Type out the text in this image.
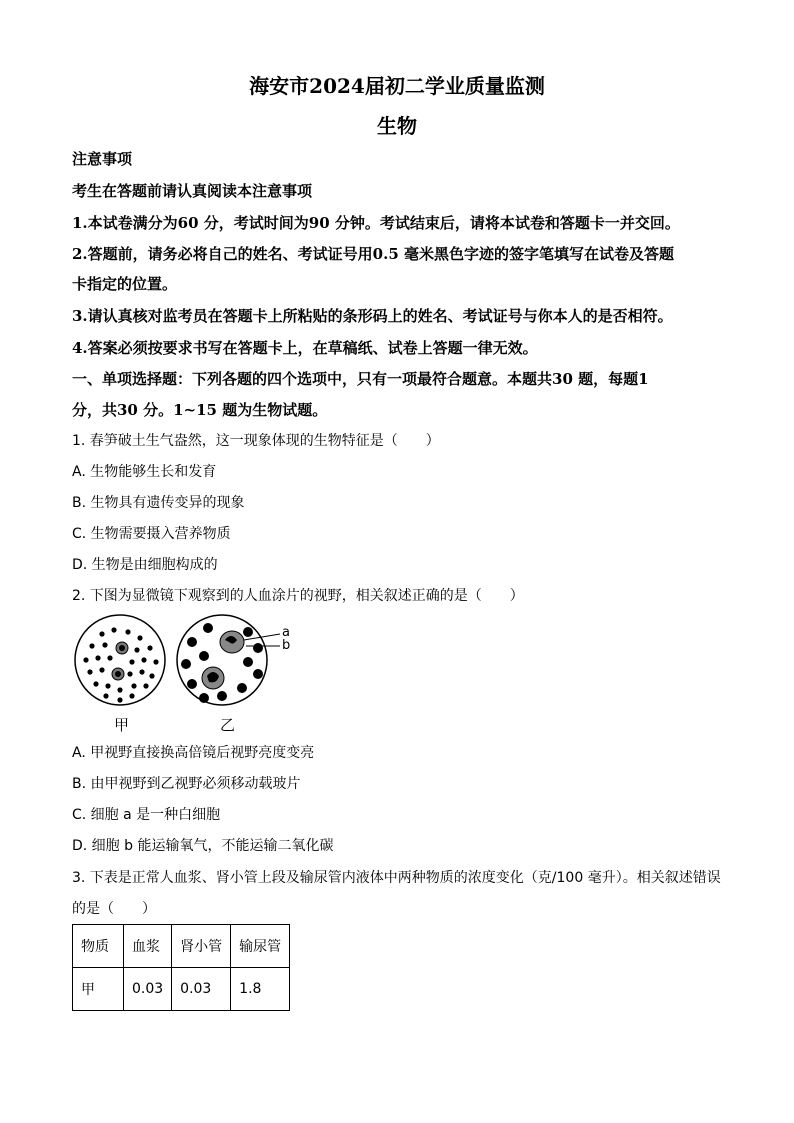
海安市2024届初二学业质量监测
生物
注意事项
考生在答题前请认真阅读本注意事项
1.本试卷满分为60 分，考试时间为90 分钟。考试结束后，请将本试卷和答题卡一并交回。
2.答题前，请务必将自己的姓名、考试证号用0.5 毫米黑色字迹的签字笔填写在试卷及答题
卡指定的位置。
3.请认真核对监考员在答题卡上所粘贴的条形码上的姓名、考试证号与你本人的是否相符。
4.答案必须按要求书写在答题卡上，在草稿纸、试卷上答题一律无效。
一、单项选择题：下列各题的四个选项中，只有一项最符合题意。本题共30 题，每题1
分，共30 分。1~15 题为生物试题。
1. 春笋破土生气盎然，这一现象体现的生物特征是（　　）
A. 生物能够生长和发育
B. 生物具有遗传变异的现象
C. 生物需要摄入营养物质
D. 生物是由细胞构成的
2. 下图为显微镜下观察到的人血涂片的视野，相关叙述正确的是（　　）
a
b
甲	乙
A. 甲视野直接换高倍镜后视野亮度变亮
B. 由甲视野到乙视野必须移动载玻片
C. 细胞 a 是一种白细胞
D. 细胞 b 能运输氧气，不能运输二氧化碳
3. 下表是正常人血浆、肾小管上段及输尿管内液体中两种物质的浓度变化（克/100 毫升）。相关叙述错误
的是（　　）
物质	血浆	肾小管	输尿管
甲	0.03	0.03	1.8
